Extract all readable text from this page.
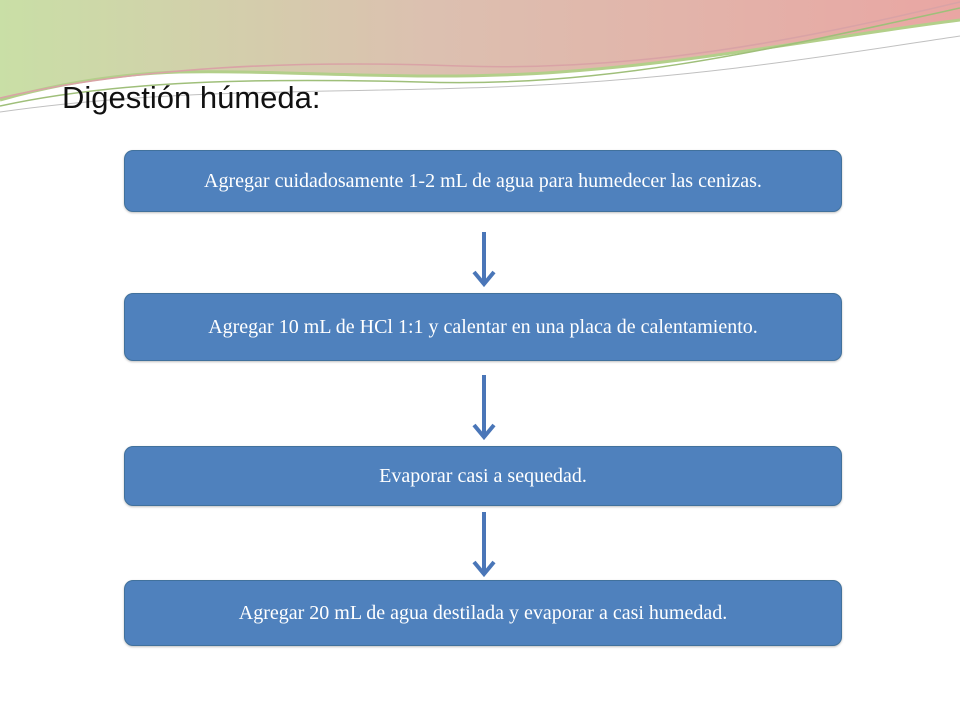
Digestión húmeda:
Agregar cuidadosamente 1-2 mL de agua para humedecer las cenizas.
Agregar 10 mL de HCl 1:1 y calentar en una placa de calentamiento.
Evaporar casi a sequedad.
Agregar 20 mL de agua destilada y evaporar a casi humedad.
